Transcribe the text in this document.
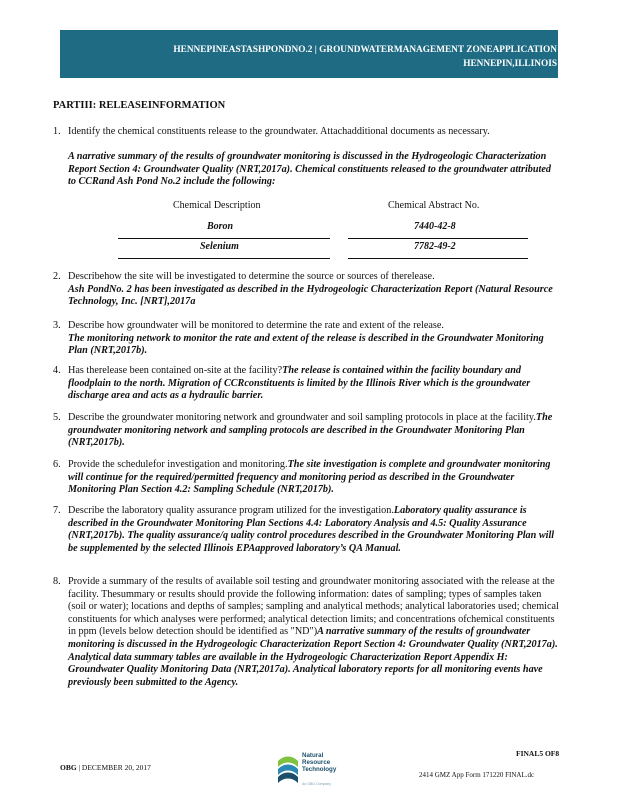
HENNEPINEASTASHPONDNO.2 | GROUNDWATERMANAGEMENT ZONEAPPLICATION
HENNEPIN,ILLINOIS
PARTIII: RELEASEINFORMATION
1. Identify the chemical constituents release to the groundwater. Attachadditional documents as necessary.
A narrative summary of the results of groundwater monitoring is discussed in the Hydrogeologic Characterization Report Section 4: Groundwater Quality (NRT,2017a). Chemical constituents released to the groundwater attributed to CCRand Ash Pond No.2 include the following:
Chemical Description	Chemical Abstract No.
Boron	7440-42-8
Selenium	7782-49-2
2. Describehow the site will be investigated to determine the source or sources of therelease.
Ash PondNo. 2 has been investigated as described in the Hydrogeologic Characterization Report (Natural Resource Technology, Inc. [NRT],2017a
3. Describe how groundwater will be monitored to determine the rate and extent of the release.
The monitoring network to monitor the rate and extent of the release is described in the Groundwater Monitoring Plan (NRT,2017b).
4. Has therelease been contained on-site at the facility?The release is contained within the facility boundary and floodplain to the north. Migration of CCRconstituents is limited by the Illinois River which is the groundwater discharge area and acts as a hydraulic barrier.
5. Describe the groundwater monitoring network and groundwater and soil sampling protocols in place at the facility.The groundwater monitoring network and sampling protocols are described in the Groundwater Monitoring Plan (NRT,2017b).
6. Provide the schedulefor investigation and monitoring.The site investigation is complete and groundwater monitoring will continue for the required/permitted frequency and monitoring period as described in the Groundwater Monitoring Plan Section 4.2: Sampling Schedule (NRT,2017b).
7. Describe the laboratory quality assurance program utilized for the investigation.Laboratory quality assurance is described in the Groundwater Monitoring Plan Sections 4.4: Laboratory Analysis and 4.5: Quality Assurance (NRT,2017b). The quality assurance/q uality control procedures described in the Groundwater Monitoring Plan will be supplemented by the selected Illinois EPAapproved laboratory’s QA Manual.
8. Provide a summary of the results of available soil testing and groundwater monitoring associated with the release at the facility. Thesummary or results should provide the following information: dates of sampling; types of samples taken (soil or water); locations and depths of samples; sampling and analytical methods; analytical laboratories used; chemical constituents for which analyses were performed; analytical detection limits; and concentrations ofchemical constituents in ppm (levels below detection should be identified as "ND")A narrative summary of the results of groundwater monitoring is discussed in the Hydrogeologic Characterization Report Section 4: Groundwater Quality (NRT,2017a). Analytical data summary tables are available in the Hydrogeologic Characterization Report Appendix H: Groundwater Quality Monitoring Data (NRT,2017a). Analytical laboratory reports for all monitoring events have previously been submitted to the Agency.
OBG | DECEMBER 20, 2017
Natural
Resource
Technology
An OBG Company
FINAL5 OF8
2414 GMZ App Form 171220 FINAL.dc
